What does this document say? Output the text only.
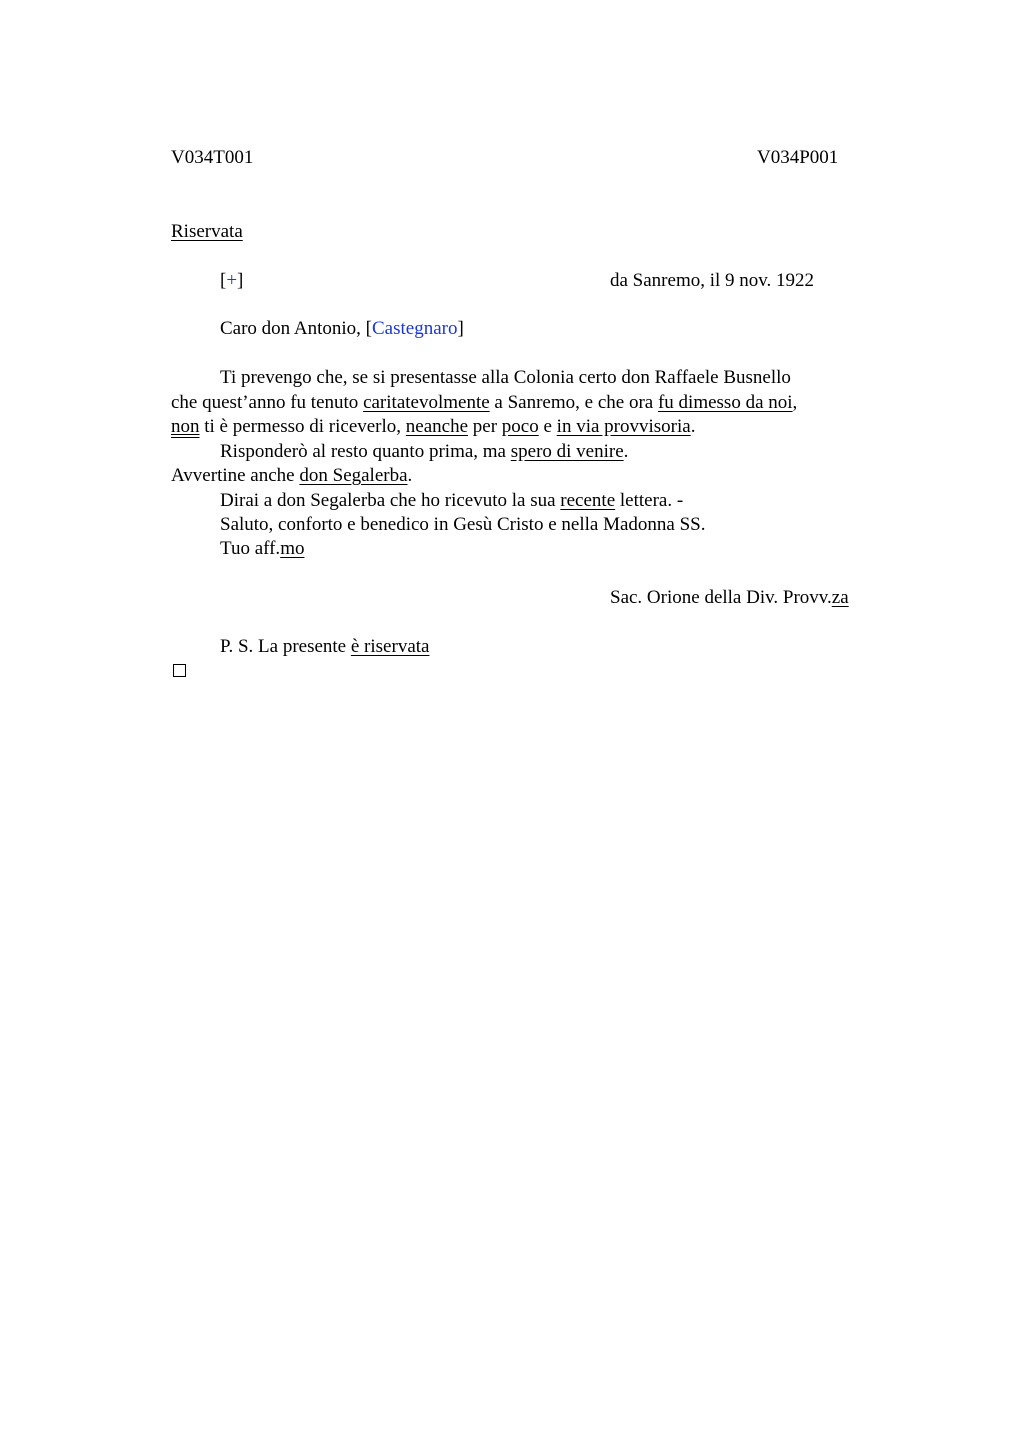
V034T001	V034P001
Riservata
[+]	da Sanremo, il 9 nov. 1922
Caro don Antonio, [Castegnaro]
Ti prevengo che, se si presentasse alla Colonia certo don Raffaele Busnello
che quest’anno fu tenuto caritatevolmente a Sanremo, e che ora fu dimesso da noi,
non ti è permesso di riceverlo, neanche per poco e in via provvisoria.
Risponderò al resto quanto prima, ma spero di venire.
Avvertine anche don Segalerba.
Dirai a don Segalerba che ho ricevuto la sua recente lettera. -
Saluto, conforto e benedico in Gesù Cristo e nella Madonna SS.
Tuo aff.mo
Sac. Orione della Div. Provv.za
P. S. La presente è riservata
